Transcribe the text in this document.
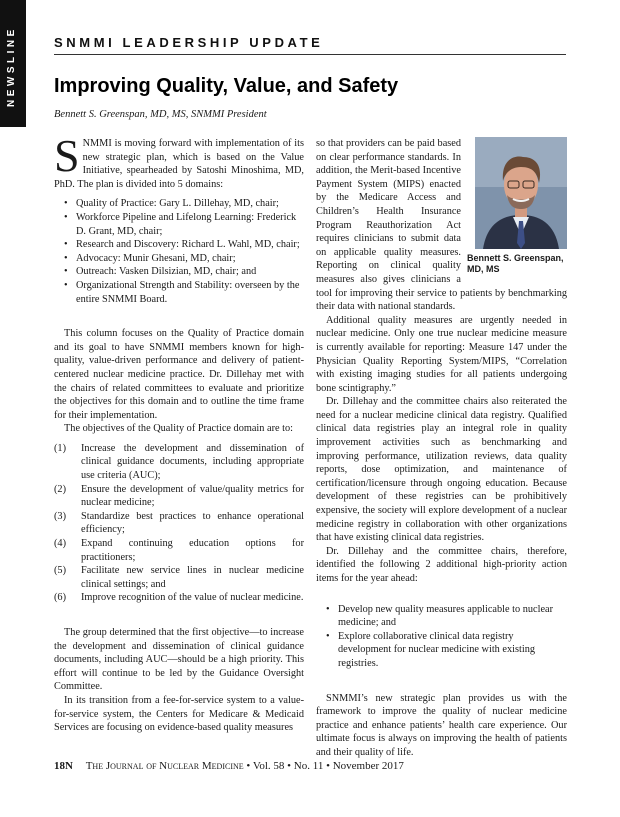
NEWSLINE	SNMMI LEADERSHIP UPDATE
Improving Quality, Value, and Safety
Bennett S. Greenspan, MD, MS, SNMMI President

SNMMI is moving forward with implementation of its new strategic plan, which is based on the Value Initiative, spearheaded by Satoshi Minoshima, MD, PhD. The plan is divided into 5 domains:

• Quality of Practice: Gary L. Dillehay, MD, chair;
• Workforce Pipeline and Lifelong Learning: Frederick D. Grant, MD, chair;
• Research and Discovery: Richard L. Wahl, MD, chair;
• Advocacy: Munir Ghesani, MD, chair;
• Outreach: Vasken Dilsizian, MD, chair; and
• Organizational Strength and Stability: overseen by the entire SNMMI Board.

This column focuses on the Quality of Practice domain and its goal to have SNMMI members known for high-quality, value-driven performance and delivery of patient-centered nuclear medicine practice. Dr. Dillehay met with the chairs of related committees to evaluate and prioritize the objectives for this domain and to outline the time frame for their implementation.

The objectives of the Quality of Practice domain are to:

(1) Increase the development and dissemination of clinical guidance documents, including appropriate use criteria (AUC);
(2) Ensure the development of value/quality metrics for nuclear medicine;
(3) Standardize best practices to enhance operational efficiency;
(4) Expand continuing education options for practitioners;
(5) Facilitate new service lines in nuclear medicine clinical settings; and
(6) Improve recognition of the value of nuclear medicine.

The group determined that the first objective—to increase the development and dissemination of clinical guidance documents, including AUC—should be a high priority. This effort will continue to be led by the Guidance Oversight Committee.

In its transition from a fee-for-service system to a value-for-service system, the Centers for Medicare & Medicaid Services are focusing on evidence-based quality measures

Bennett S. Greenspan, MD, MS

so that providers can be paid based on clear performance standards. In addition, the Merit-based Incentive Payment System (MIPS) enacted by the Medicare Access and Children’s Health Insurance Program Reauthorization Act requires clinicians to submit data on applicable quality measures. Reporting on clinical quality measures also gives clinicians a tool for improving their service to patients by benchmarking their data with national standards.

Additional quality measures are urgently needed in nuclear medicine. Only one true nuclear medicine measure is currently available for reporting: Measure 147 under the Physician Quality Reporting System/MIPS, “Correlation with existing imaging studies for all patients undergoing bone scintigraphy.”

Dr. Dillehay and the committee chairs also reiterated the need for a nuclear medicine clinical data registry. Qualified clinical data registries play an integral role in quality improvement activities such as benchmarking and improving performance, utilization reviews, data quality reports, dose optimization, and maintenance of certification/licensure through ongoing education. Because development of these registries can be prohibitively expensive, the society will explore development of a nuclear medicine registry in collaboration with other organizations that have existing clinical data registries.

Dr. Dillehay and the committee chairs, therefore, identified the following 2 additional high-priority action items for the year ahead:

• Develop new quality measures applicable to nuclear medicine; and
• Explore collaborative clinical data registry development for nuclear medicine with existing registries.

SNMMI’s new strategic plan provides us with the framework to improve the quality of nuclear medicine practice and enhance patients’ health care experience. Our ultimate focus is always on improving the health of patients and their quality of life.

18N The Journal of Nuclear Medicine • Vol. 58 • No. 11 • November 2017
